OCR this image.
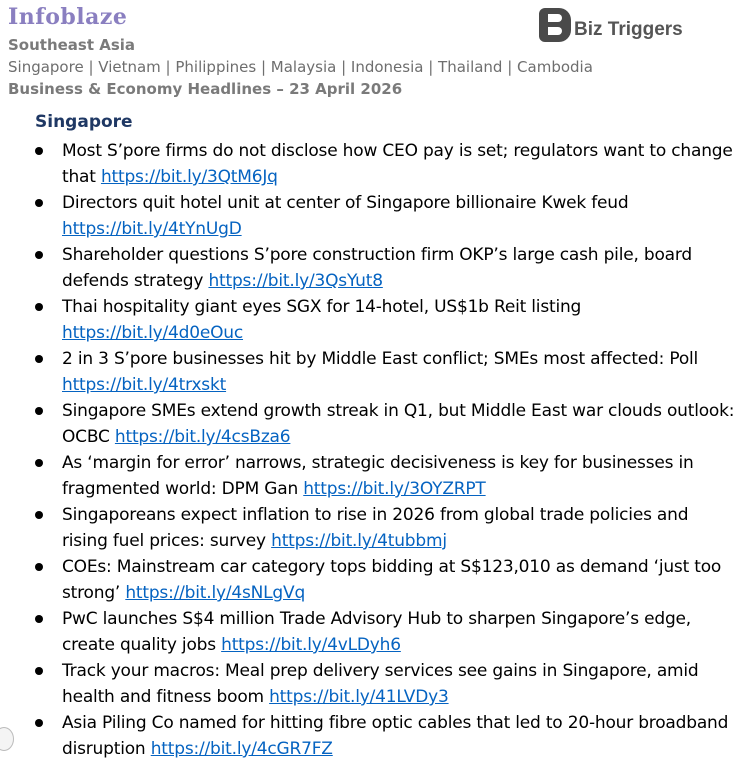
Infoblaze	Biz Triggers
Southeast Asia
Singapore | Vietnam | Philippines | Malaysia | Indonesia | Thailand | Cambodia
Business & Economy Headlines – 23 April 2026
Singapore
Most S’pore firms do not disclose how CEO pay is set; regulators want to change that https://bit.ly/3QtM6Jq
Directors quit hotel unit at center of Singapore billionaire Kwek feud https://bit.ly/4tYnUgD
Shareholder questions S’pore construction firm OKP’s large cash pile, board defends strategy https://bit.ly/3QsYut8
Thai hospitality giant eyes SGX for 14-hotel, US$1b Reit listing https://bit.ly/4d0eOuc
2 in 3 S’pore businesses hit by Middle East conflict; SMEs most affected: Poll https://bit.ly/4trxskt
Singapore SMEs extend growth streak in Q1, but Middle East war clouds outlook: OCBC https://bit.ly/4csBza6
As ‘margin for error’ narrows, strategic decisiveness is key for businesses in fragmented world: DPM Gan https://bit.ly/3OYZRPT
Singaporeans expect inflation to rise in 2026 from global trade policies and rising fuel prices: survey https://bit.ly/4tubbmj
COEs: Mainstream car category tops bidding at S$123,010 as demand ‘just too strong’ https://bit.ly/4sNLgVq
PwC launches S$4 million Trade Advisory Hub to sharpen Singapore’s edge, create quality jobs https://bit.ly/4vLDyh6
Track your macros: Meal prep delivery services see gains in Singapore, amid health and fitness boom https://bit.ly/41LVDy3
Asia Piling Co named for hitting fibre optic cables that led to 20-hour broadband disruption https://bit.ly/4cGR7FZ
